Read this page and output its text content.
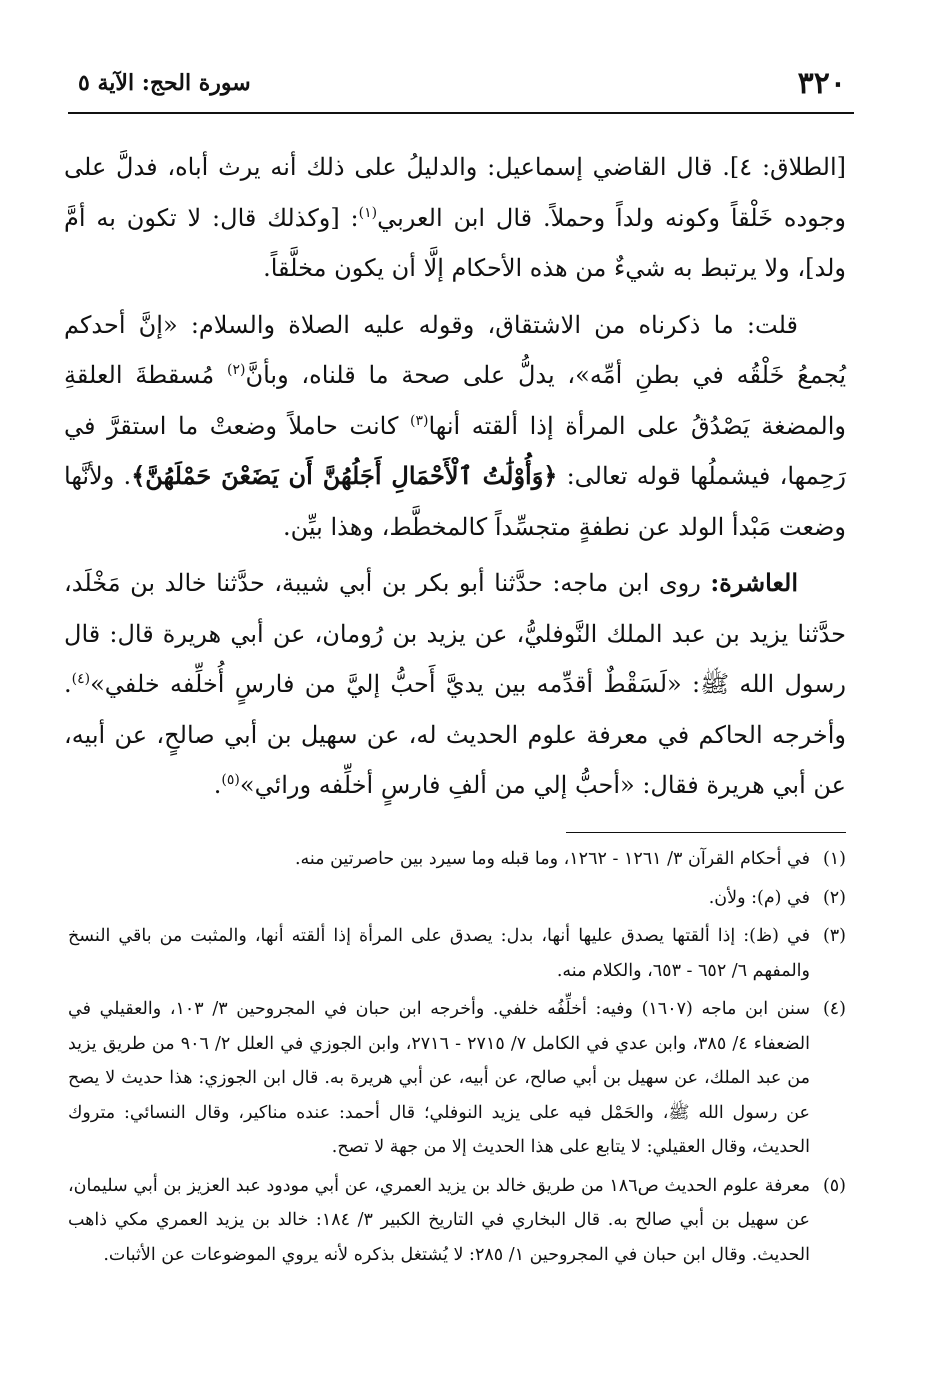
٣٢٠
سورة الحج: الآية ٥

[الطلاق: ٤]. قال القاضي إسماعيل: والدليلُ على ذلك أنه يرث أباه، فدلَّ على وجوده خَلْقاً وكونه ولداً وحملاً. قال ابن العربي$^{(١)}$: [وكذلك قال: لا تكون به أمَّ ولد]، ولا يرتبط به شيءٌ من هذه الأحكام إلَّا أن يكون مخلَّقاً.

قلت: ما ذكرناه من الاشتقاق، وقوله عليه الصلاة والسلام: «إنَّ أحدكم يُجمعُ خَلْقُه في بطنِ أمِّه»، يدلُّ على صحة ما قلناه، وبأنَّ$^{(٢)}$ مُسقطةَ العلقةِ والمضغة يَصْدُقُ على المرأة إذا ألقته أنها$^{(٣)}$ كانت حاملاً وضعتْ ما استقرَّ في رَحِمها، فيشملُها قوله تعالى: ﴿وَأُوْلَٰتُ ٱلْأَحْمَالِ أَجَلُهُنَّ أَن يَضَعْنَ حَمْلَهُنَّ﴾. ولأنَّها وضعت مَبْدأ الولد عن نطفةٍ متجسِّداً كالمخطَّط، وهذا بيِّن.

العاشرة: روى ابن ماجه: حدَّثنا أبو بكر بن أبي شيبة، حدَّثنا خالد بن مَخْلَد، حدَّثنا يزيد بن عبد الملك النَّوفليُّ، عن يزيد بن رُومان، عن أبي هريرة قال: قال رسول الله ﷺ: «لَسَقْطٌ أقدِّمه بين يديَّ أَحبُّ إليَّ من فارسٍ أُخلِّفه خلفي»$^{(٤)}$. وأخرجه الحاكم في معرفة علوم الحديث له، عن سهيل بن أبي صالحٍ، عن أبيه، عن أبي هريرة فقال: «أحبُّ إلي من ألفِ فارسٍ أخلِّفه ورائي»$^{(٥)}$.

(١)
في أحكام القرآن ٣/ ١٢٦١ - ١٢٦٢، وما قبله وما سيرد بين حاصرتين منه.
(٢)
في (م): ولأن.
(٣)
في (ظ): إذا ألقتها يصدق عليها أنها، بدل: يصدق على المرأة إذا ألقته أنها، والمثبت من باقي النسخ والمفهم ٦/ ٦٥٢ - ٦٥٣، والكلام منه.
(٤)
سنن ابن ماجه (١٦٠٧) وفيه: أخلِّفُه خلفي. وأخرجه ابن حبان في المجروحين ٣/ ١٠٣، والعقيلي في الضعفاء ٤/ ٣٨٥، وابن عدي في الكامل ٧/ ٢٧١٥ - ٢٧١٦، وابن الجوزي في العلل ٢/ ٩٠٦ من طريق يزيد من عبد الملك، عن سهيل بن أبي صالح، عن أبيه، عن أبي هريرة به. قال ابن الجوزي: هذا حديث لا يصح عن رسول الله ﷺ، والحَمْل فيه على يزيد النوفلي؛ قال أحمد: عنده مناكير، وقال النسائي: متروك الحديث، وقال العقيلي: لا يتابع على هذا الحديث إلا من جهة لا تصح.
(٥)
معرفة علوم الحديث ص١٨٦ من طريق خالد بن يزيد العمري، عن أبي مودود عبد العزيز بن أبي سليمان، عن سهيل بن أبي صالح به. قال البخاري في التاريخ الكبير ٣/ ١٨٤: خالد بن يزيد العمري مكي ذاهب الحديث. وقال ابن حبان في المجروحين ١/ ٢٨٥: لا يُشتغل بذكره لأنه يروي الموضوعات عن الأثبات.
